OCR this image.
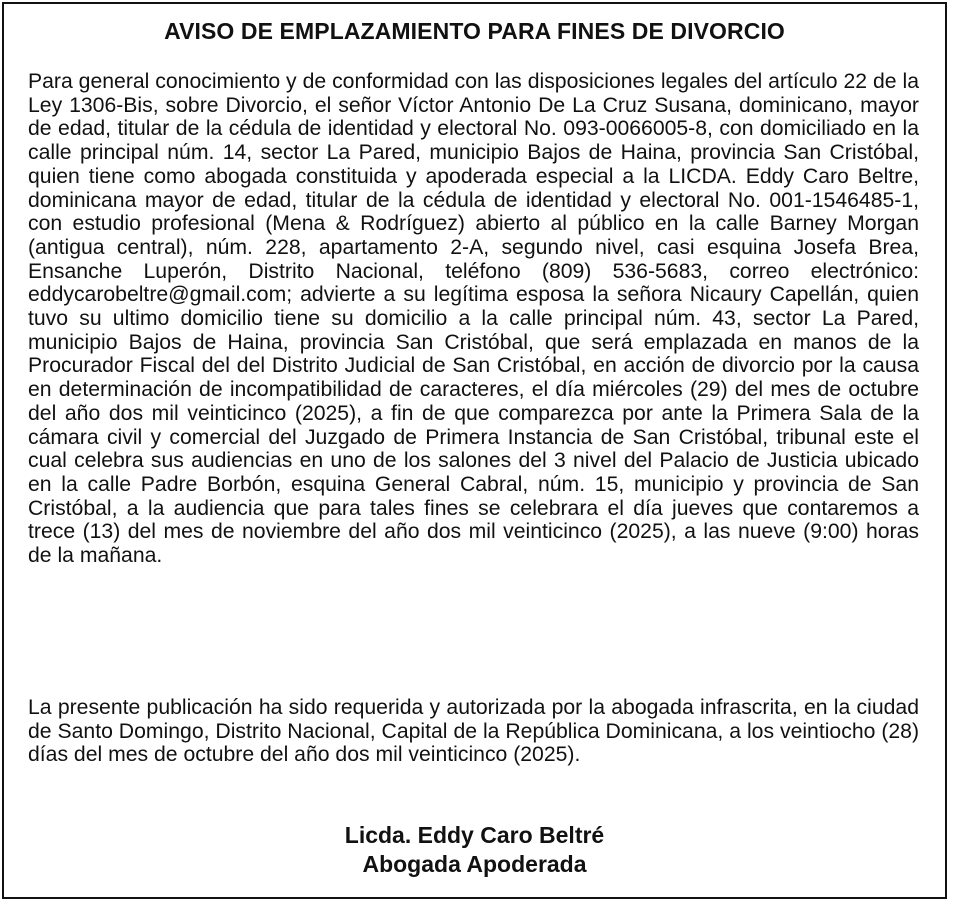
AVISO DE EMPLAZAMIENTO PARA FINES DE DIVORCIO

Para general conocimiento y de conformidad con las disposiciones legales del artículo 22 de la Ley 1306-Bis, sobre Divorcio, el señor Víctor Antonio De La Cruz Susana, dominicano, mayor de edad, titular de la cédula de identidad y electoral No. 093-0066005-8, con domiciliado en la calle principal núm. 14, sector La Pared, municipio Bajos de Haina, provincia San Cristóbal, quien tiene como abogada constituida y apoderada especial a la LICDA. Eddy Caro Beltre, dominicana mayor de edad, titular de la cédula de identidad y electoral No. 001-1546485-1, con estudio profesional (Mena & Rodríguez) abierto al público en la calle Barney Morgan (antigua central), núm. 228, apartamento 2-A, segundo nivel, casi esquina Josefa Brea, Ensanche Luperón, Distrito Nacional, teléfono (809) 536-5683, correo electrónico: eddycarobeltre@gmail.com; advierte a su legítima esposa la señora Nicaury Capellán, quien tuvo su ultimo domicilio tiene su domicilio a la calle principal núm. 43, sector La Pared, municipio Bajos de Haina, provincia San Cristóbal, que será emplazada en manos de la Procurador Fiscal del del Distrito Judicial de San Cristóbal, en acción de divorcio por la causa en determinación de incompatibilidad de caracteres, el día miércoles (29) del mes de octubre del año dos mil veinticinco (2025), a fin de que comparezca por ante la Primera Sala de la cámara civil y comercial del Juzgado de Primera Instancia de San Cristóbal, tribunal este el cual celebra sus audiencias en uno de los salones del 3 nivel del Palacio de Justicia ubicado en la calle Padre Borbón, esquina General Cabral, núm. 15, municipio y provincia de San Cristóbal, a la audiencia que para tales fines se celebrara el día jueves que contaremos a trece (13) del mes de noviembre del año dos mil veinticinco (2025), a las nueve (9:00) horas de la mañana.

La presente publicación ha sido requerida y autorizada por la abogada infrascrita, en la ciudad de Santo Domingo, Distrito Nacional, Capital de la República Dominicana, a los veintiocho (28) días del mes de octubre del año dos mil veinticinco (2025).

Licda. Eddy Caro Beltré
Abogada Apoderada
